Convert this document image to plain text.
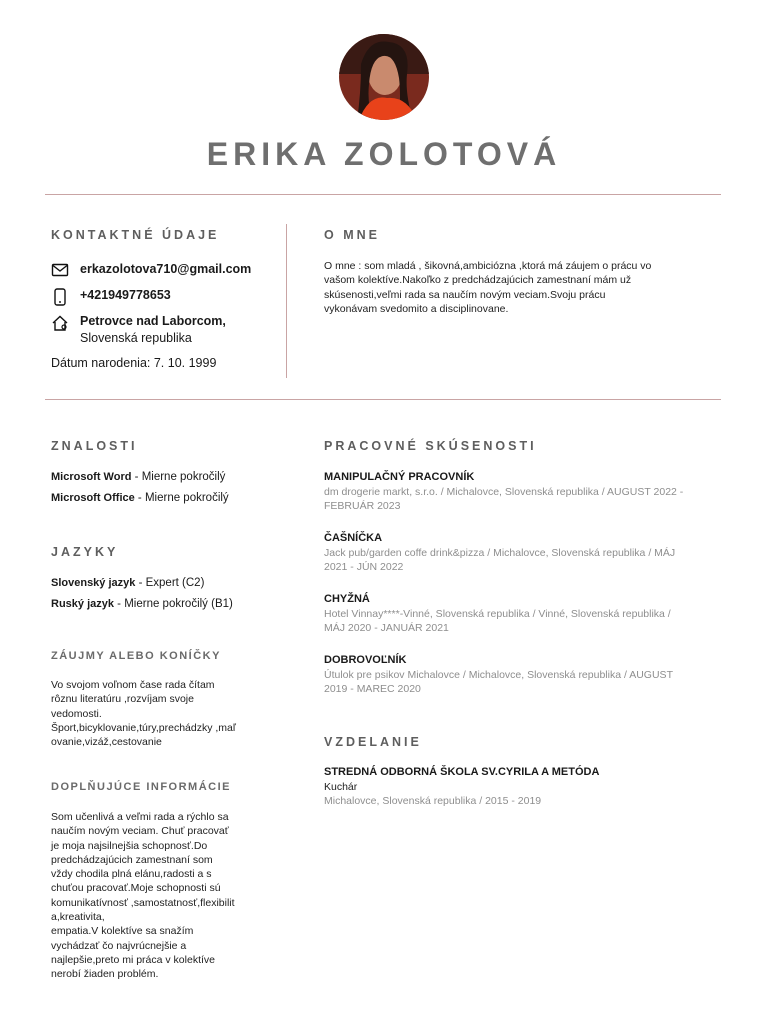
ERIKA ZOLOTOVÁ
KONTAKTNÉ ÚDAJE
erkazolotova710@gmail.com
+421949778653
Petrovce nad Laborcom,
Slovenská republika
Dátum narodenia: 7. 10. 1999
O MNE
O mne : som mladá , šikovná,ambiciózna ,ktorá má záujem o prácu vo
vašom kolektíve.Nakoľko z predchádzajúcich zamestnaní mám už
skúsenosti,veľmi rada sa naučím novým veciam.Svoju prácu
vykonávam svedomito a disciplinovane.
ZNALOSTI
Microsoft Word - Mierne pokročilý
Microsoft Office - Mierne pokročilý
JAZYKY
Slovenský jazyk - Expert (C2)
Ruský jazyk - Mierne pokročilý (B1)
ZÁUJMY ALEBO KONÍČKY
Vo svojom voľnom čase rada čítam
rôznu literatúru ,rozvíjam svoje
vedomosti.
Šport,bicyklovanie,túry,prechádzky ,maľ
ovanie,vizáž,cestovanie
DOPLŇUJÚCE INFORMÁCIE
Som učenlivá a veľmi rada a rýchlo sa
naučím novým veciam. Chuť pracovať
je moja najsilnejšia schopnosť.Do
predchádzajúcich zamestnaní som
vždy chodila plná elánu,radosti a s
chuťou pracovať.Moje schopnosti sú
komunikatívnosť ,samostatnosť,flexibilit
a,kreativita,
empatia.V kolektíve sa snažím
vychádzať čo najvrúcnejšie a
najlepšie,preto mi práca v kolektíve
nerobí žiaden problém.
PRACOVNÉ SKÚSENOSTI
MANIPULAČNÝ PRACOVNÍK
dm drogerie markt, s.r.o. / Michalovce, Slovenská republika / AUGUST 2022 -
FEBRUÁR 2023
ČAŠNÍČKA
Jack pub/garden coffe drink&pizza / Michalovce, Slovenská republika / MÁJ
2021 - JÚN 2022
CHYŽNÁ
Hotel Vinnay****-Vinné, Slovenská republika / Vinné, Slovenská republika /
MÁJ 2020 - JANUÁR 2021
DOBROVOĽNÍK
Útulok pre psikov Michalovce / Michalovce, Slovenská republika / AUGUST
2019 - MAREC 2020
VZDELANIE
STREDNÁ ODBORNÁ ŠKOLA SV.CYRILA A METÓDA
Kuchár
Michalovce, Slovenská republika / 2015 - 2019
